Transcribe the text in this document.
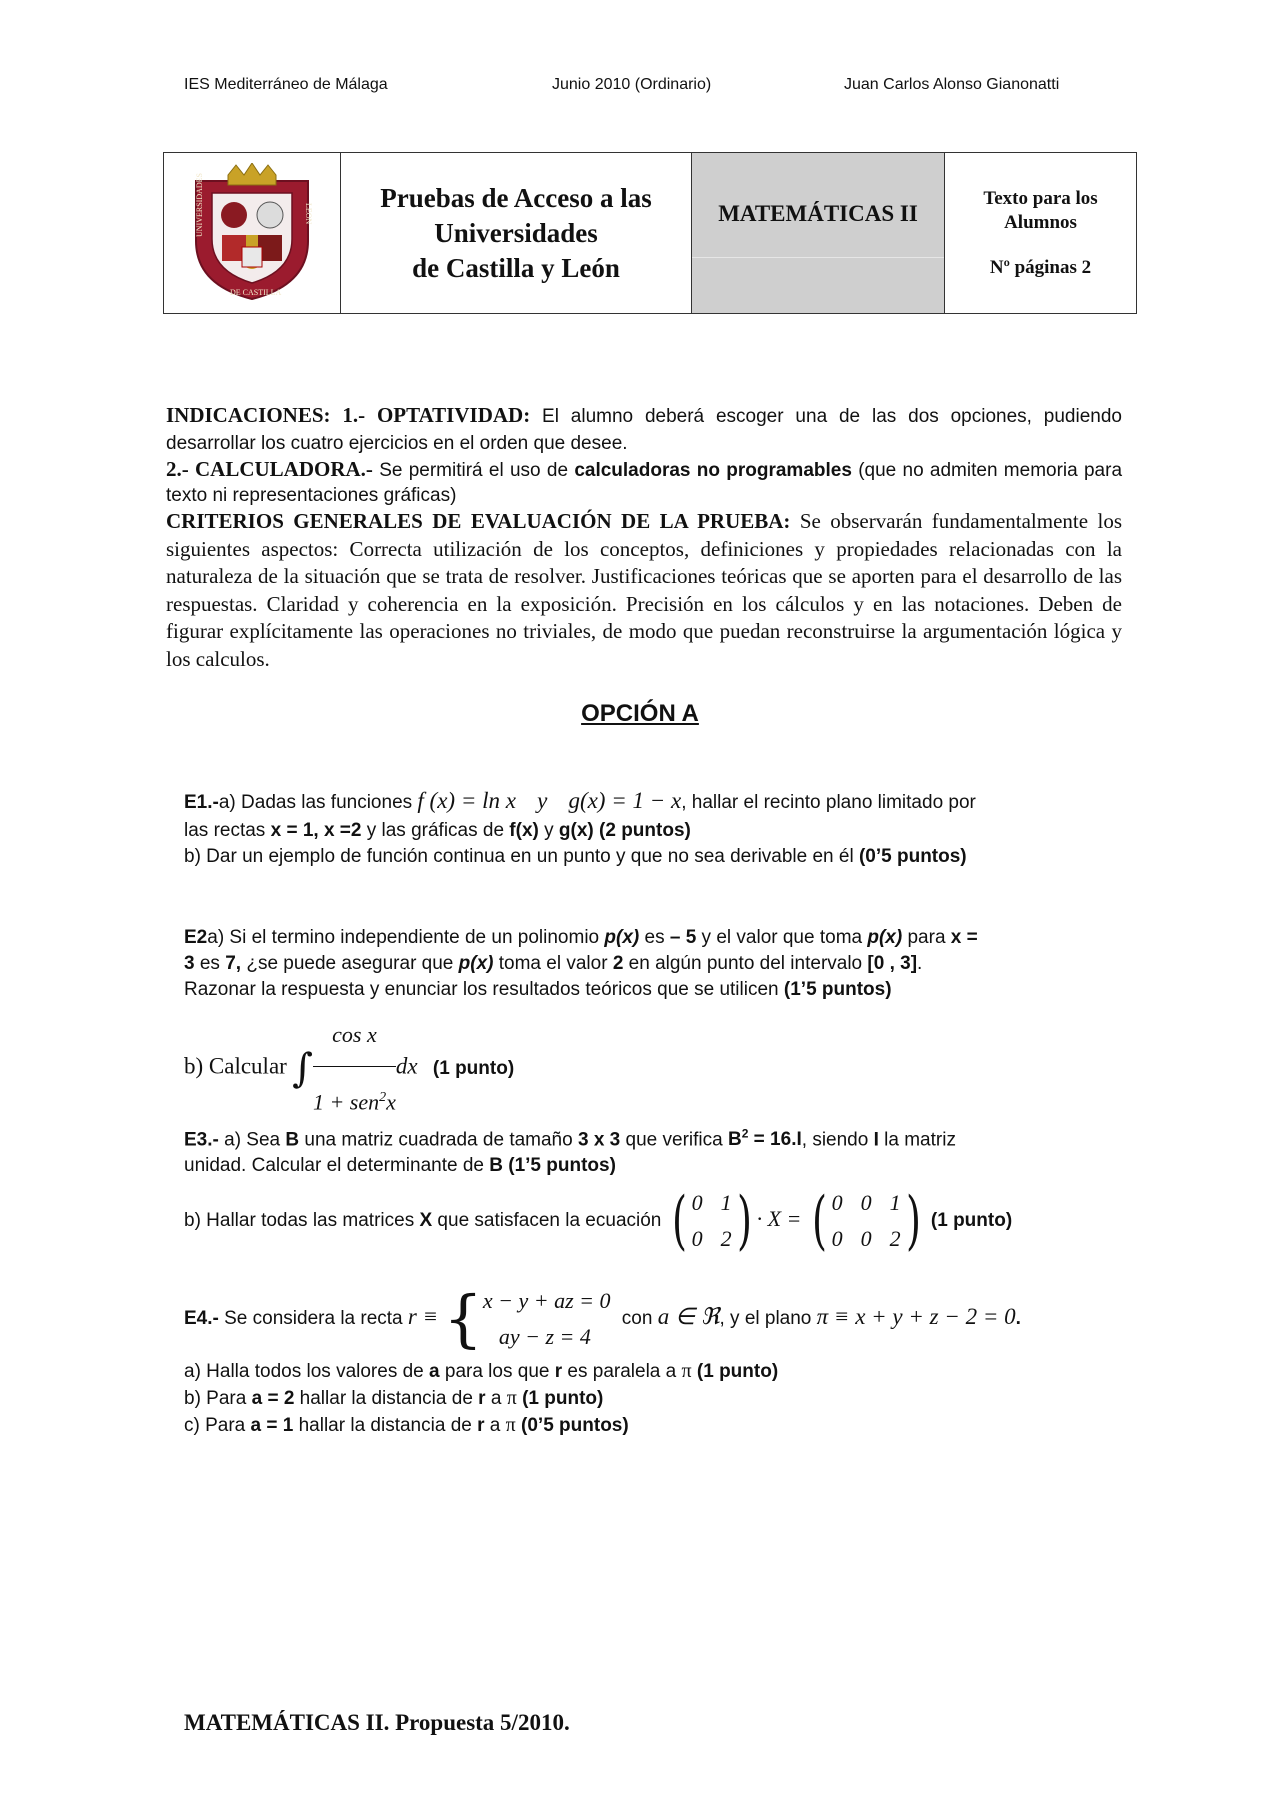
IES Mediterráneo de Málaga	Junio 2010 (Ordinario)	Juan Carlos Alonso Gianonatti
UNIVERSIDADES	LEON
DE CASTILLA
Pruebas de Acceso a las
Universidades
de Castilla y León
MATEMÁTICAS II
Texto para los
Alumnos
Nº páginas 2

INDICACIONES: 1.- OPTATIVIDAD: El alumno deberá escoger una de las dos opciones, pudiendo desarrollar los cuatro ejercicios en el orden que desee.

2.- CALCULADORA.- Se permitirá el uso de calculadoras no programables (que no admiten memoria para texto ni representaciones gráficas)

CRITERIOS GENERALES DE EVALUACIÓN DE LA PRUEBA: Se observarán fundamentalmente los siguientes aspectos: Correcta utilización de los conceptos, definiciones y propiedades relacionadas con la naturaleza de la situación que se trata de resolver. Justificaciones teóricas que se aporten para el desarrollo de las respuestas. Claridad y coherencia en la exposición. Precisión en los cálculos y en las notaciones. Deben de figurar explícitamente las operaciones no triviales, de modo que puedan reconstruirse la argumentación lógica y los calculos.

OPCIÓN A

E1.-a) Dadas las funciones f (x) = ln x y g(x) = 1 − x, hallar el recinto plano limitado por

las rectas x = 1, x =2 y las gráficas de f(x) y g(x) (2 puntos)

b) Dar un ejemplo de función continua en un punto y que no sea derivable en él (0’5 puntos)

E2a) Si el termino independiente de un polinomio p(x) es – 5 y el valor que toma p(x) para x =

3 es 7, ¿se puede asegurar que p(x) toma el valor 2 en algún punto del intervalo [0 , 3].

Razonar la respuesta y enunciar los resultados teóricos que se utilicen (1’5 puntos)

b) Calcular ∫ $\frac{\text{cos x}}{1 + sen^2x}$ dx (1 punto)

E3.- a) Sea B una matriz cuadrada de tamaño 3 x 3 que verifica $B^2 = 16.I$, siendo I la matriz

unidad. Calcular el determinante de B (1’5 puntos)

b) Hallar todas las matrices X que satisfacen la ecuación ( 0 1
0 2 ) · X = ( 0 0 1
0 0 2 ) (1 punto)

E4.- Se considera la recta r ≡ { x − y + az = 0
ay − z = 4
con a ∈ ℜ, y el plano π ≡ x + y + z − 2 = 0.

a) Halla todos los valores de a para los que r es paralela a π (1 punto)

b) Para a = 2 hallar la distancia de r a π (1 punto)

c) Para a = 1 hallar la distancia de r a π (0’5 puntos)

MATEMÁTICAS II. Propuesta 5/2010.
